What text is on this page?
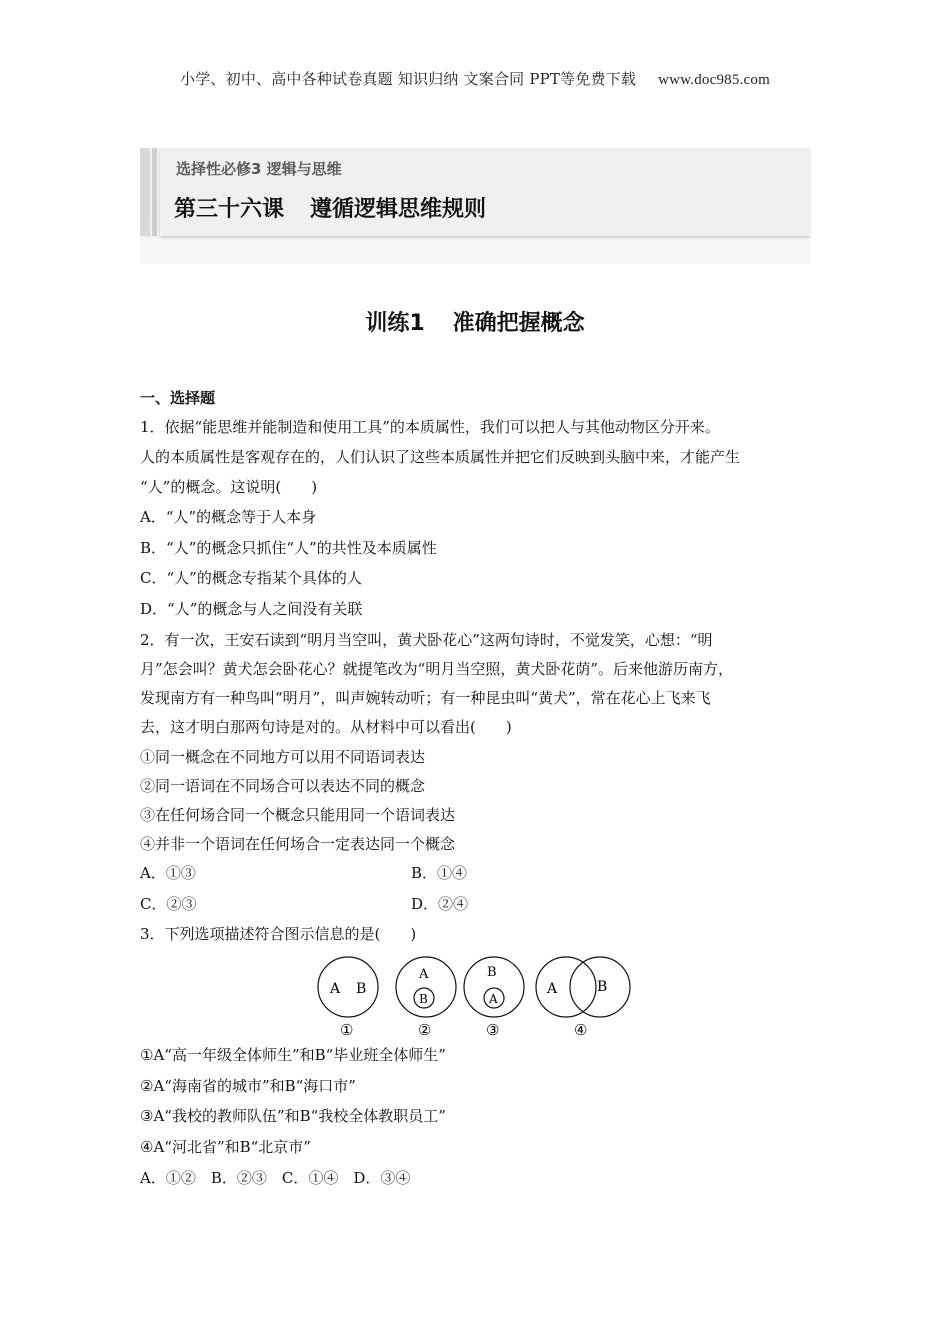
小学、初中、高中各种试卷真题 知识归纳 文案合同 PPT等免费下载 www.doc985.com
选择性必修3 逻辑与思维
第三十六课 遵循逻辑思维规则
训练1 准确把握概念
一、选择题
1．依据“能思维并能制造和使用工具”的本质属性，我们可以把人与其他动物区分开来。
人的本质属性是客观存在的，人们认识了这些本质属性并把它们反映到头脑中来，才能产生
“人”的概念。这说明(　　)
A．“人”的概念等于人本身
B．“人”的概念只抓住“人”的共性及本质属性
C．“人”的概念专指某个具体的人
D．“人”的概念与人之间没有关联
2．有一次，王安石读到“明月当空叫，黄犬卧花心”这两句诗时，不觉发笑，心想：“明
月”怎会叫？黄犬怎会卧花心？就提笔改为“明月当空照，黄犬卧花荫”。后来他游历南方，
发现南方有一种鸟叫“明月”，叫声婉转动听；有一种昆虫叫“黄犬”，常在花心上飞来飞
去，这才明白那两句诗是对的。从材料中可以看出(　　)
①同一概念在不同地方可以用不同语词表达
②同一语词在不同场合可以表达不同的概念
③在任何场合同一个概念只能用同一个语词表达
④并非一个语词在任何场合一定表达同一个概念
A．①③	B．①④
C．②③	D．②④
3．下列选项描述符合图示信息的是(　　)
①A“高一年级全体师生”和B“毕业班全体师生”
②A“海南省的城市”和B“海口市”
③A“我校的教师队伍”和B“我校全体教职员工”
④A“河北省”和B“北京市”
A．①②　B．②③　C．①④　D．③④
A B
①
A
B
②
B
A
③
A	B
④
